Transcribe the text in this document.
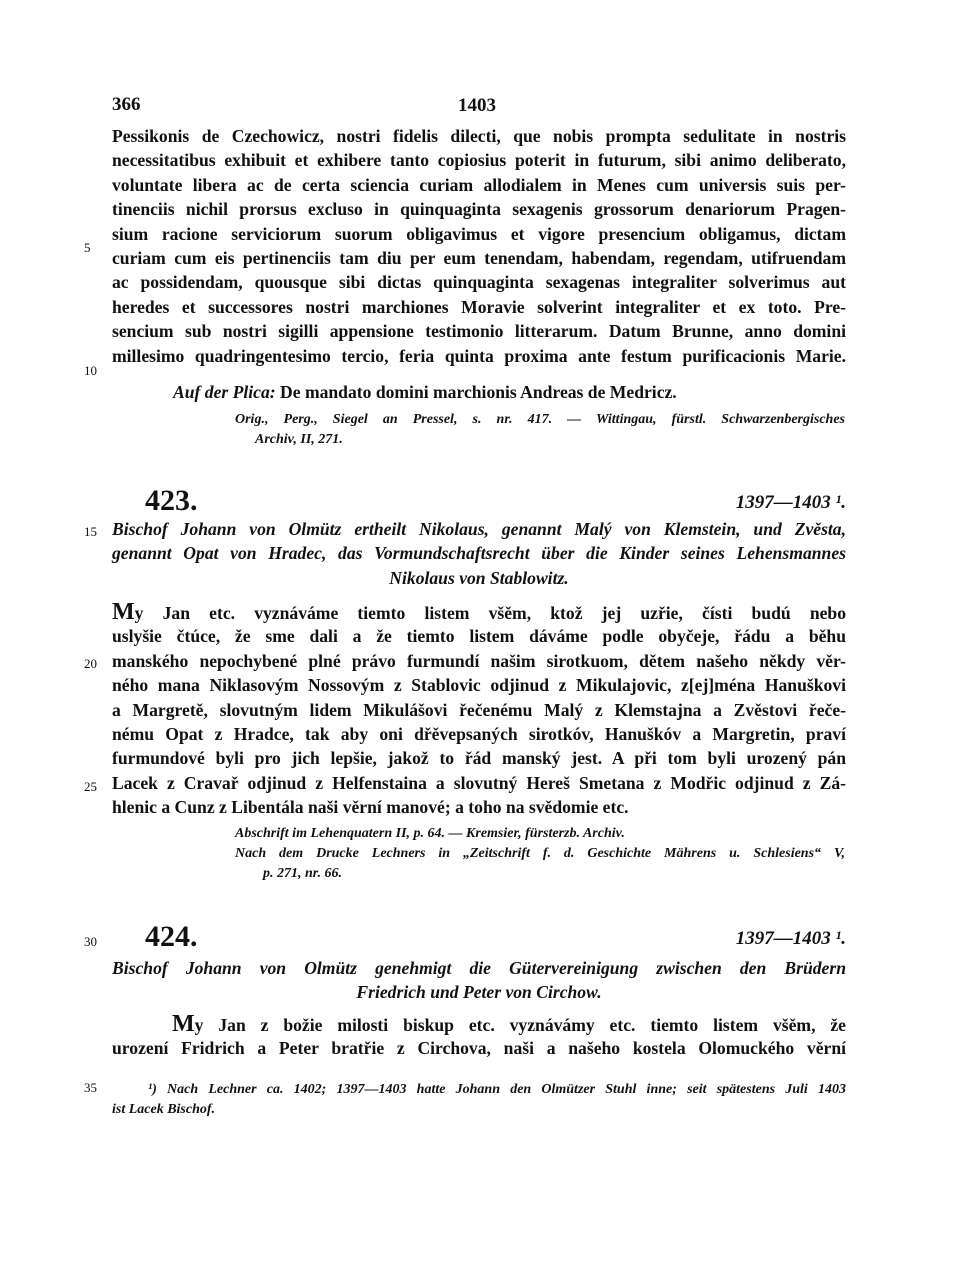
366	1403
Pessikonis de Czechowicz, nostri fidelis dilecti, que nobis prompta sedulitate in nostris
necessitatibus exhibuit et exhibere tanto copiosius poterit in futurum, sibi animo deliberato,
voluntate libera ac de certa sciencia curiam allodialem in Menes cum universis suis per-
tinenciis nichil prorsus excluso in quinquaginta sexagenis grossorum denariorum Pragen-
sium racione serviciorum suorum obligavimus et vigore presencium obligamus, dictam
curiam cum eis pertinenciis tam diu per eum tenendam, habendam, regendam, utifruendam
ac possidendam, quousque sibi dictas quinquaginta sexagenas integraliter solverimus aut
heredes et successores nostri marchiones Moravie solverint integraliter et ex toto. Pre-
sencium sub nostri sigilli appensione testimonio litterarum. Datum Brunne, anno domini
millesimo quadringentesimo tercio, feria quinta proxima ante festum purificacionis Marie.
Auf der Plica: De mandato domini marchionis Andreas de Medricz.
Orig., Perg., Siegel an Pressel, s. nr. 417. — Wittingau, fürstl. Schwarzenbergisches
Archiv, II, 271.
423.	1397—1403 ¹.
Bischof Johann von Olmütz ertheilt Nikolaus, genannt Malý von Klemstein, und Zvěsta,
genannt Opat von Hradec, das Vormundschaftsrecht über die Kinder seines Lehensmannes
Nikolaus von Stablowitz.
My Jan etc. vyznáváme tiemto listem všěm, ktož jej uzřie, čísti budú nebo
uslyšie čtúce, že sme dali a že tiemto listem dáváme podle obyčeje, řádu a běhu
manského nepochybené plné právo furmundí našim sirotkuom, dětem našeho někdy věr-
ného mana Niklasovým Nossovým z Stablovic odjinud z Mikulajovic, z[ej]ména Hanuškovi
a Margretě, slovutným lidem Mikulášovi řečenému Malý z Klemstajna a Zvěstovi řeče-
nému Opat z Hradce, tak aby oni dřěvepsaných sirotkóv, Hanuškóv a Margretin, praví
furmundové byli pro jich lepšie, jakož to řád manský jest. A při tom byli urozený pán
Lacek z Cravař odjinud z Helfenstaina a slovutný Hereš Smetana z Modřic odjinud z Zá-
hlenic a Cunz z Libentála naši věrní manové; a toho na svědomie etc.
Abschrift im Lehenquatern II, p. 64. — Kremsier, fürsterzb. Archiv.
Nach dem Drucke Lechners in „Zeitschrift f. d. Geschichte Mährens u. Schlesiens“ V,
p. 271, nr. 66.
424.	1397—1403 ¹.
Bischof Johann von Olmütz genehmigt die Gütervereinigung zwischen den Brüdern
Friedrich und Peter von Circhow.
My Jan z božie milosti biskup etc. vyznávámy etc. tiemto listem všěm, že
urození Fridrich a Peter bratřie z Circhova, naši a našeho kostela Olomuckého věrní
¹) Nach Lechner ca. 1402; 1397—1403 hatte Johann den Olmützer Stuhl inne; seit spätestens Juli 1403
ist Lacek Bischof.
5
10
15
20
25
30
35
